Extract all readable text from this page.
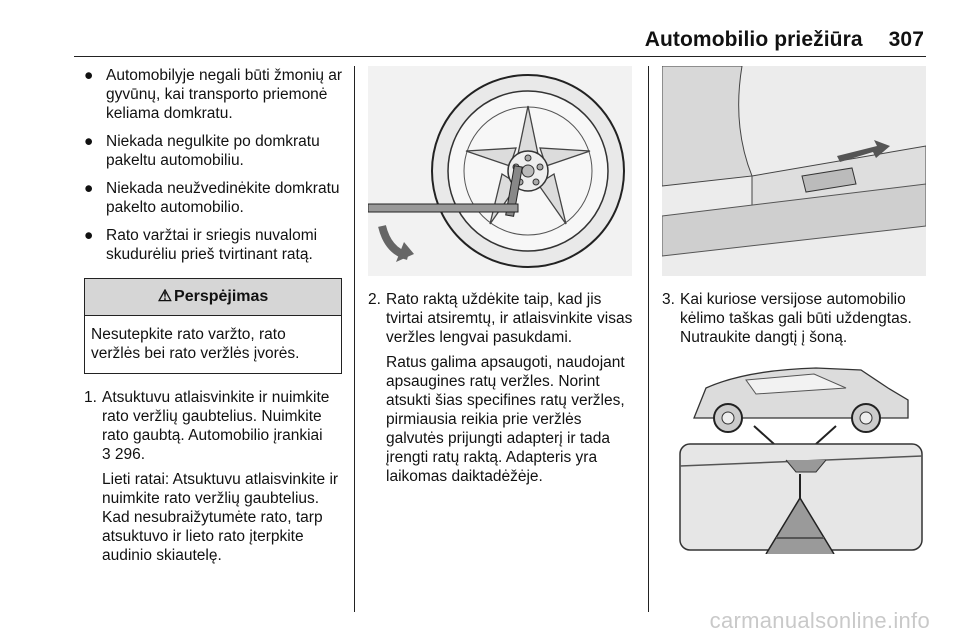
Automobilio priežiūra 307
● Automobilyje negali būti žmonių ar gyvūnų, kai transporto priemonė keliama domkratu.
● Niekada negulkite po domkratu pakeltu automobiliu.
● Niekada neužvedinėkite domkratu pakelto automobilio.
● Rato varžtai ir sriegis nuvalomi skudurėliu prieš tvirtinant ratą.
⚠ Perspėjimas
Nesutepkite rato varžto, rato veržlės bei rato veržlės įvorės.
1. Atsuktuvu atlaisvinkite ir nuimkite rato veržlių gaubtelius. Nuimkite rato gaubtą. Automobilio įrankiai
3 296.
Lieti ratai: Atsuktuvu atlaisvinkite ir nuimkite rato veržlių gaubtelius. Kad nesubraižytumėte rato, tarp atsuktuvo ir lieto rato įterpkite audinio skiautelę.
2. Rato raktą uždėkite taip, kad jis tvirtai atsiremtų, ir atlaisvinkite visas veržles lengvai pasukdami.
Ratus galima apsaugoti, naudojant apsaugines ratų veržles. Norint atsukti šias specifines ratų veržles, pirmiausia reikia prie veržlės galvutės prijungti adapterį ir tada įrengti ratų raktą. Adapteris yra laikomas daiktadėžėje.
3. Kai kuriose versijose automobilio kėlimo taškas gali būti uždengtas. Nutraukite dangtį į šoną.
carmanualsonline.info
